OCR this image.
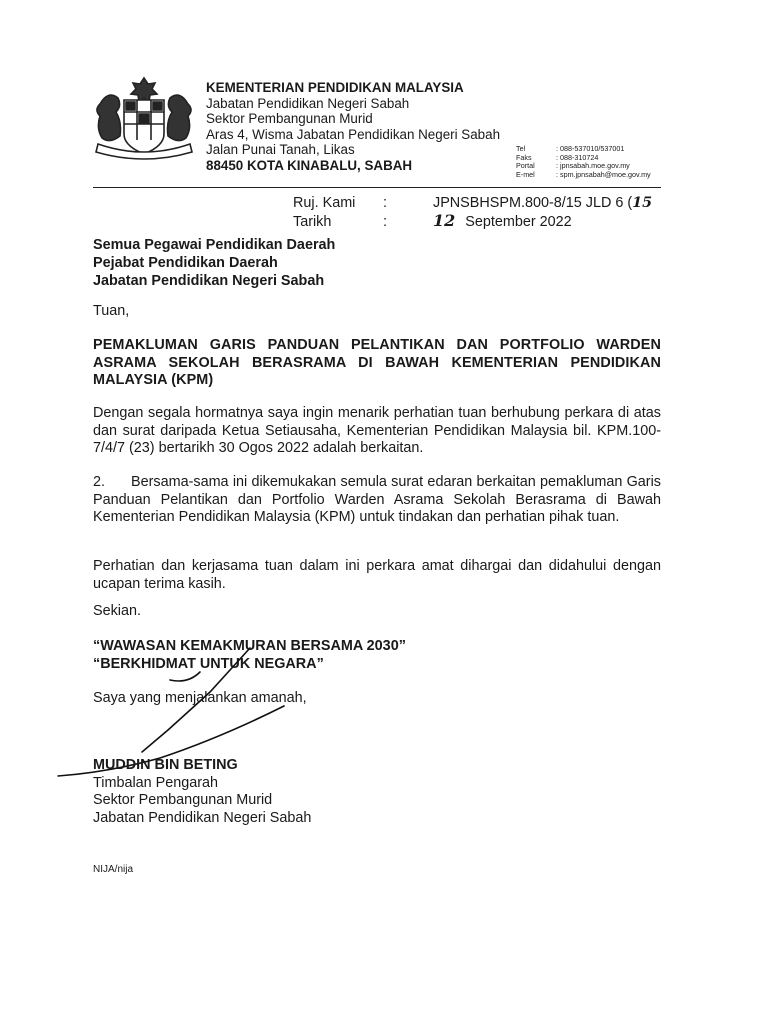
KEMENTERIAN PENDIDIKAN MALAYSIA
Jabatan Pendidikan Negeri Sabah
Sektor Pembangunan Murid
Aras 4, Wisma Jabatan Pendidikan Negeri Sabah
Jalan Punai Tanah, Likas
88450 KOTA KINABALU, SABAH
Tel	: 088-537010/537001
Faks	: 088-310724
Portal	: jpnsabah.moe.gov.my
E-mel	: spm.jpnsabah@moe.gov.my
Ruj. Kami :	JPNSBHSPM.800-8/15 JLD 6 (15
Tarikh	:	12 September 2022
Semua Pegawai Pendidikan Daerah
Pejabat Pendidikan Daerah
Jabatan Pendidikan Negeri Sabah
Tuan,
PEMAKLUMAN GARIS PANDUAN PELANTIKAN DAN PORTFOLIO WARDEN ASRAMA SEKOLAH BERASRAMA DI BAWAH KEMENTERIAN PENDIDIKAN MALAYSIA (KPM)
Dengan segala hormatnya saya ingin menarik perhatian tuan berhubung perkara di atas dan surat daripada Ketua Setiausaha, Kementerian Pendidikan Malaysia bil. KPM.100-7/4/7 (23) bertarikh 30 Ogos 2022 adalah berkaitan.
2. Bersama-sama ini dikemukakan semula surat edaran berkaitan pemakluman Garis Panduan Pelantikan dan Portfolio Warden Asrama Sekolah Berasrama di Bawah Kementerian Pendidikan Malaysia (KPM) untuk tindakan dan perhatian pihak tuan.
Perhatian dan kerjasama tuan dalam ini perkara amat dihargai dan didahului dengan ucapan terima kasih.
Sekian.
“WAWASAN KEMAKMURAN BERSAMA 2030”
“BERKHIDMAT UNTUK NEGARA”
Saya yang menjalankan amanah,
MUDDIN BIN BETING
Timbalan Pengarah
Sektor Pembangunan Murid
Jabatan Pendidikan Negeri Sabah
NIJA/nija
